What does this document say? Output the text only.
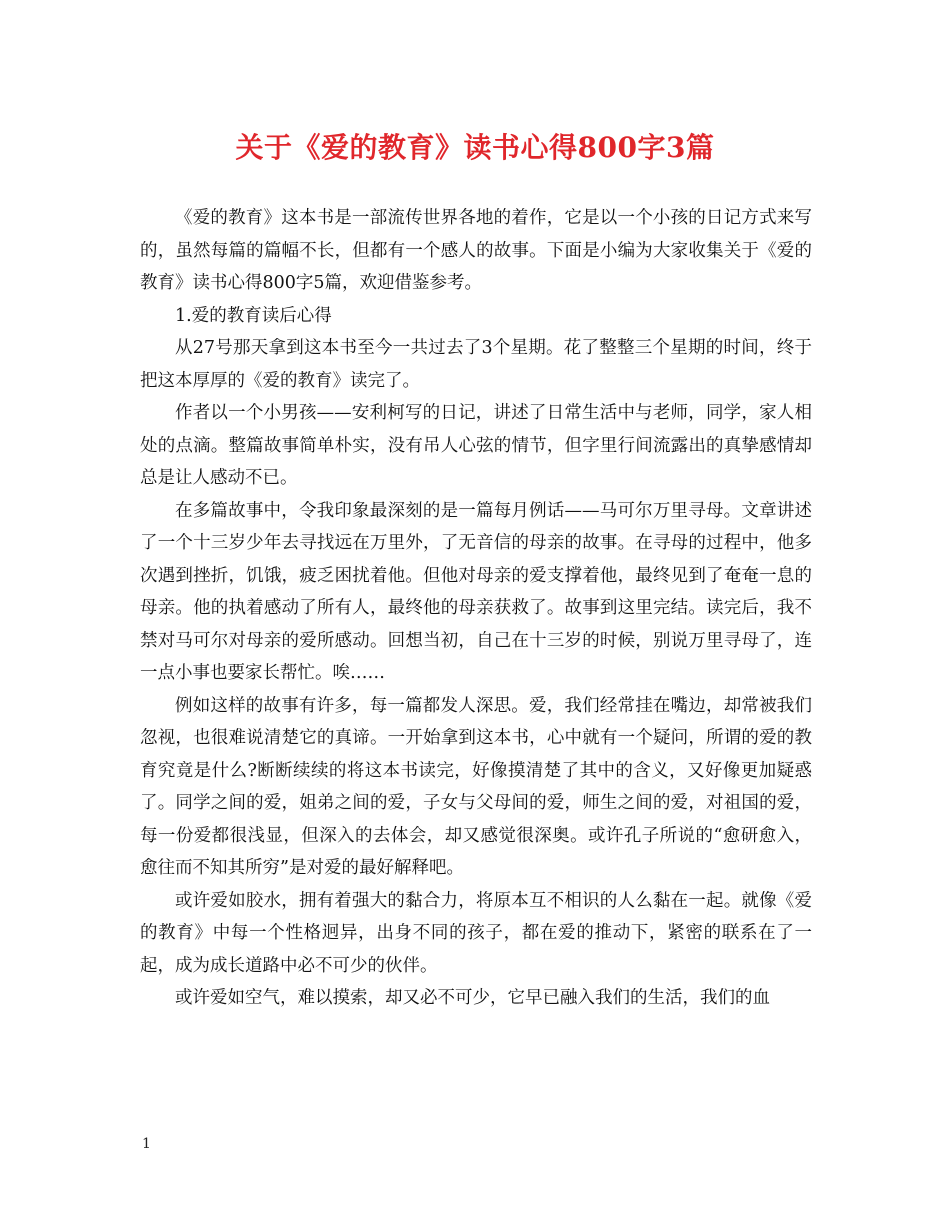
关于《爱的教育》读书心得800字3篇

《爱的教育》这本书是一部流传世界各地的着作，它是以一个小孩的日记方式来写的，虽然每篇的篇幅不长，但都有一个感人的故事。下面是小编为大家收集关于《爱的教育》读书心得800字5篇，欢迎借鉴参考。

1.爱的教育读后心得

从27号那天拿到这本书至今一共过去了3个星期。花了整整三个星期的时间，终于把这本厚厚的《爱的教育》读完了。

作者以一个小男孩——安利柯写的日记，讲述了日常生活中与老师，同学，家人相处的点滴。整篇故事简单朴实，没有吊人心弦的情节，但字里行间流露出的真挚感情却总是让人感动不已。

在多篇故事中，令我印象最深刻的是一篇每月例话——马可尔万里寻母。文章讲述了一个十三岁少年去寻找远在万里外，了无音信的母亲的故事。在寻母的过程中，他多次遇到挫折，饥饿，疲乏困扰着他。但他对母亲的爱支撑着他，最终见到了奄奄一息的母亲。他的执着感动了所有人，最终他的母亲获救了。故事到这里完结。读完后，我不禁对马可尔对母亲的爱所感动。回想当初，自己在十三岁的时候，别说万里寻母了，连一点小事也要家长帮忙。唉……

例如这样的故事有许多，每一篇都发人深思。爱，我们经常挂在嘴边，却常被我们忽视，也很难说清楚它的真谛。一开始拿到这本书，心中就有一个疑问，所谓的爱的教育究竟是什么?断断续续的将这本书读完，好像摸清楚了其中的含义，又好像更加疑惑了。同学之间的爱，姐弟之间的爱，子女与父母间的爱，师生之间的爱，对祖国的爱，每一份爱都很浅显，但深入的去体会，却又感觉很深奥。或许孔子所说的“愈研愈入，愈往而不知其所穷”是对爱的最好解释吧。

或许爱如胶水，拥有着强大的黏合力，将原本互不相识的人么黏在一起。就像《爱的教育》中每一个性格迥异，出身不同的孩子，都在爱的推动下，紧密的联系在了一起，成为成长道路中必不可少的伙伴。

或许爱如空气，难以摸索，却又必不可少，它早已融入我们的生活，我们的血

1
